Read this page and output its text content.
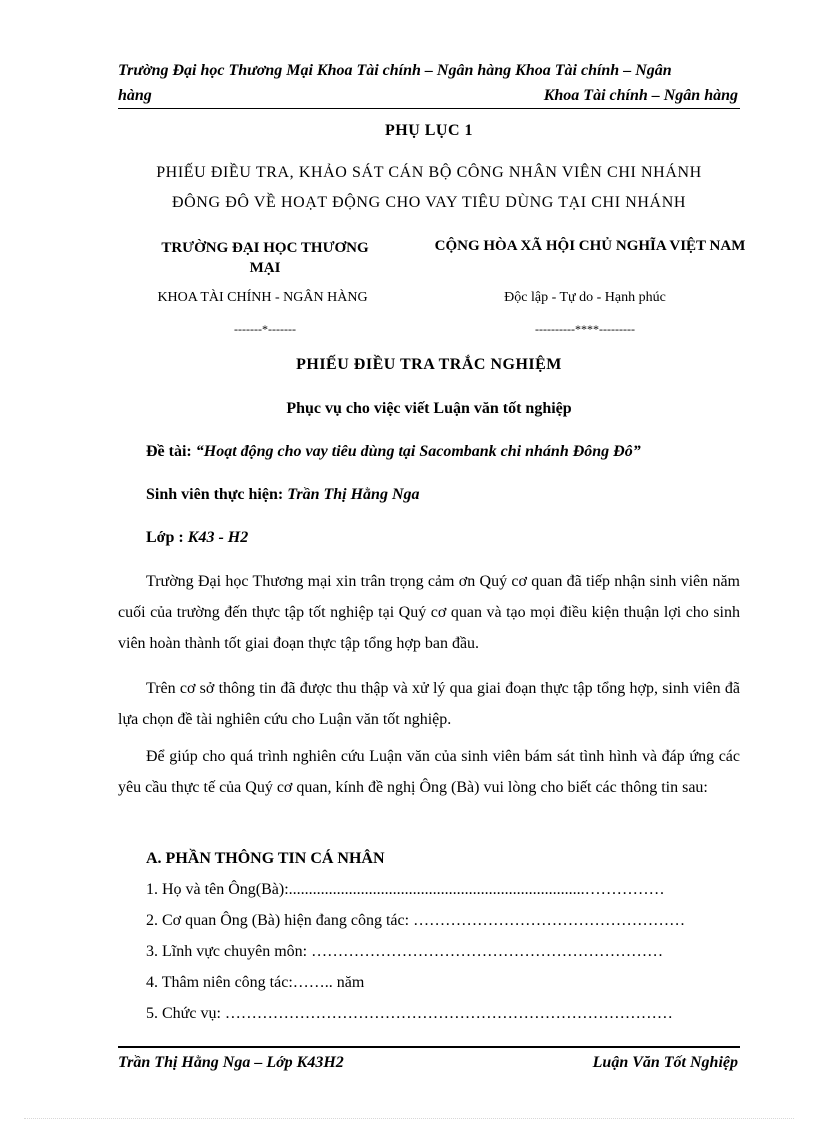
Trường Đại học Thương Mại Khoa Tài chính – Ngân hàng Khoa Tài chính – Ngân
hàng	Khoa Tài chính – Ngân hàng
PHỤ LỤC 1
PHIẾU ĐIỀU TRA, KHẢO SÁT CÁN BỘ CÔNG NHÂN VIÊN CHI NHÁNH
ĐÔNG ĐÔ VỀ HOẠT ĐỘNG CHO VAY TIÊU DÙNG TẠI CHI NHÁNH
TRƯỜNG ĐẠI HỌC THƯƠNG
MẠI
KHOA TÀI CHÍNH - NGÂN HÀNG
-------*-------
CỘNG HÒA XÃ HỘI CHỦ NGHĨA VIỆT NAM
Độc lập - Tự do - Hạnh phúc
----------****---------
PHIẾU ĐIỀU TRA TRẮC NGHIỆM
Phục vụ cho việc viết Luận văn tốt nghiệp
Đề tài: “Hoạt động cho vay tiêu dùng tại Sacombank chi nhánh Đông Đô”
Sinh viên thực hiện: Trần Thị Hằng Nga
Lớp : K43 - H2
Trường Đại học Thương mại xin trân trọng cảm ơn Quý cơ quan đã tiếp nhận sinh viên năm cuối của trường đến thực tập tốt nghiệp tại Quý cơ quan và tạo mọi điều kiện thuận lợi cho sinh viên hoàn thành tốt giai đoạn thực tập tổng hợp ban đầu.
Trên cơ sở thông tin đã được thu thập và xử lý qua giai đoạn thực tập tổng hợp, sinh viên đã lựa chọn đề tài nghiên cứu cho Luận văn tốt nghiệp.
Để giúp cho quá trình nghiên cứu Luận văn của sinh viên bám sát tình hình và đáp ứng các yêu cầu thực tế của Quý cơ quan, kính đề nghị Ông (Bà) vui lòng cho biết các thông tin sau:
A. PHẦN THÔNG TIN CÁ NHÂN
1. Họ và tên Ông(Bà):..........................................................................……………
2. Cơ quan Ông (Bà) hiện đang công tác: ……………………………………………
3. Lĩnh vực chuyên môn: …………………………………………………………
4. Thâm niên công tác:…….. năm
5. Chức vụ: …………………………………………………………………………
Trần Thị Hằng Nga – Lớp K43H2	Luận Văn Tốt Nghiệp
